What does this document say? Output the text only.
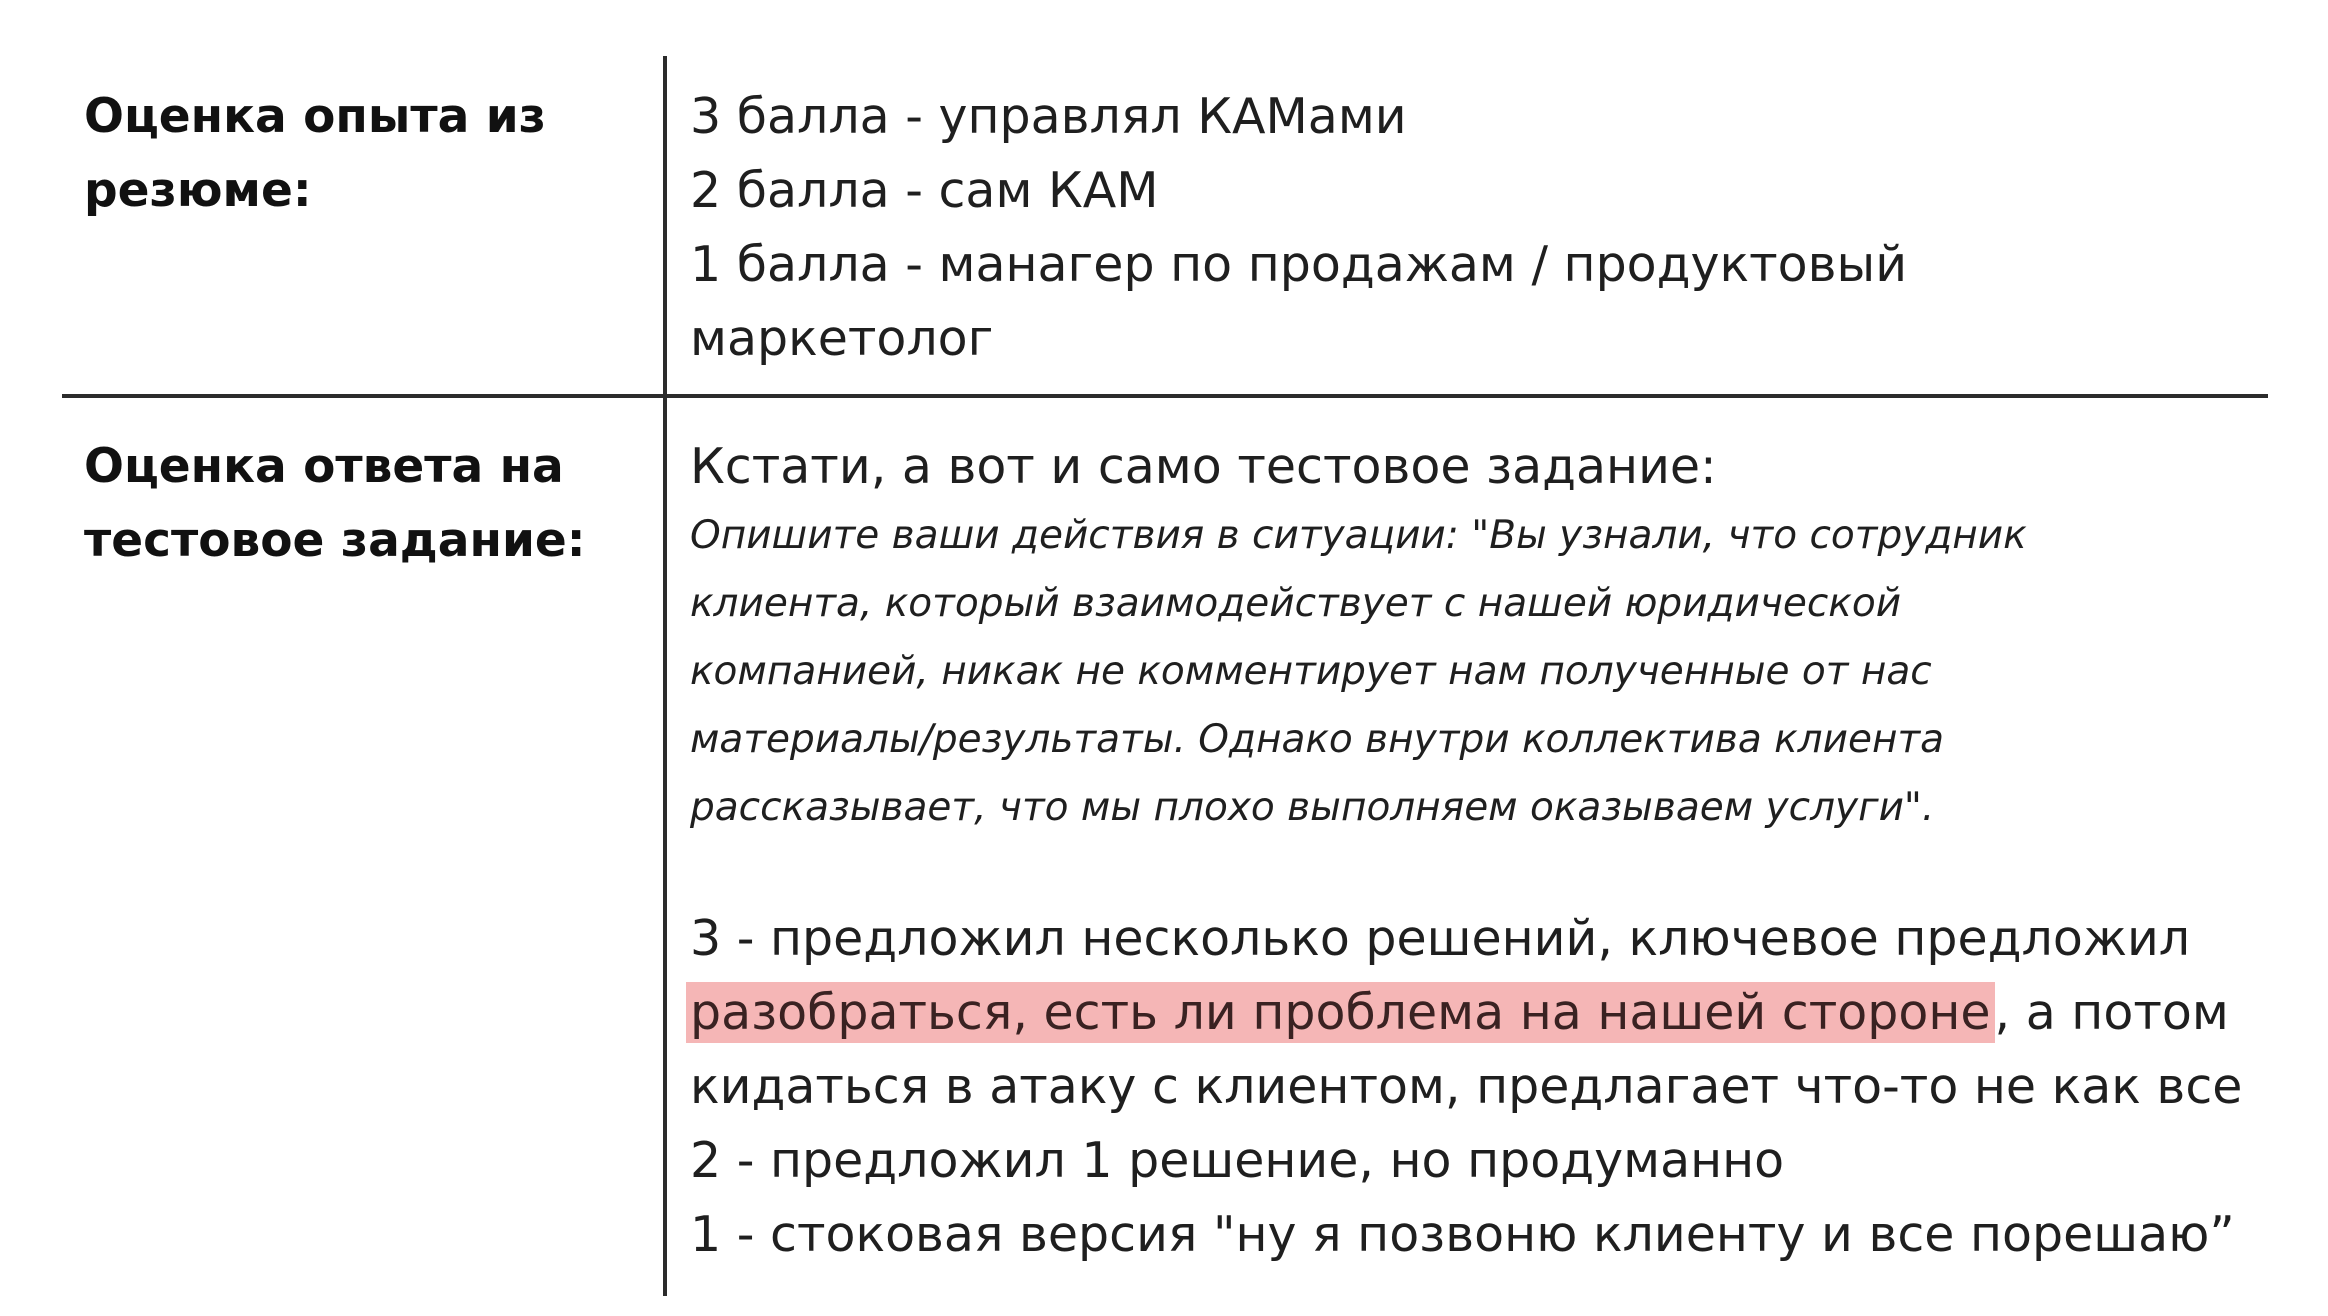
Оценка опыта из
резюме:
3 балла - управлял КАМами
2 балла - сам КАМ
1 балла - манагер по продажам / продуктовый
маркетолог
Оценка ответа на
тестовое задание:
Кстати, а вот и само тестовое задание:
Опишите ваши действия в ситуации: "Вы узнали, что сотрудник
клиента, который взаимодействует с нашей юридической
компанией, никак не комментирует нам полученные от нас
материалы/результаты. Однако внутри коллектива клиента
рассказывает, что мы плохо выполняем оказываем услуги".
3 - предложил несколько решений, ключевое предложил
разобраться, есть ли проблема на нашей стороне, а потом
кидаться в атаку с клиентом, предлагает что-то не как все
2 - предложил 1 решение, но продуманно
1 - стоковая версия "ну я позвоню клиенту и все порешаю”
